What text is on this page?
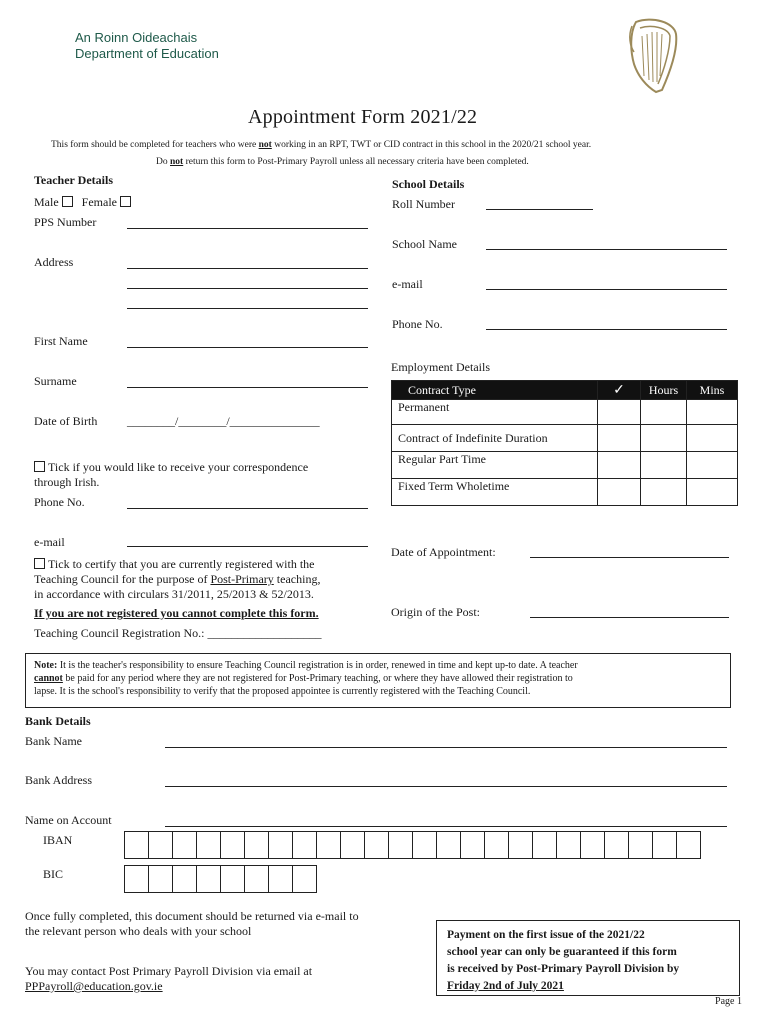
An Roinn Oideachais
Department of Education
Appointment Form 2021/22
This form should be completed for teachers who were not working in an RPT, TWT or CID contract in this school in the 2020/21 school year.
Do not return this form to Post-Primary Payroll unless all necessary criteria have been completed.
Teacher Details
Male Female
PPS Number
Address
First Name
Surname
Date of Birth ________/________/_______________
Tick if you would like to receive your correspondence
through Irish.
Phone No.
e-mail
Tick to certify that you are currently registered with the
Teaching Council for the purpose of Post-Primary teaching,
in accordance with circulars 31/2011, 25/2013 & 52/2013.
If you are not registered you cannot complete this form.
Teaching Council Registration No.: ___________________
School Details
Roll Number
School Name
e-mail
Phone No.
Employment Details
Contract Type	✓	Hours	Mins
Permanent			
Contract of Indefinite Duration			
Regular Part Time			
Fixed Term Wholetime			
Date of Appointment:
Origin of the Post:
Note: It is the teacher's responsibility to ensure Teaching Council registration is in order, renewed in time and kept up-to date. A teacher
cannot be paid for any period where they are not registered for Post-Primary teaching, or where they have allowed their registration to
lapse. It is the school's responsibility to verify that the proposed appointee is currently registered with the Teaching Council.
Bank Details
Bank Name
Bank Address
Name on Account
IBAN

BIC

Once fully completed, this document should be returned via e-mail to
the relevant person who deals with your school
You may contact Post Primary Payroll Division via email at
PPPayroll@education.gov.ie
Payment on the first issue of the 2021/22
school year can only be guaranteed if this form
is received by Post-Primary Payroll Division by
Friday 2nd of July 2021
Page 1
